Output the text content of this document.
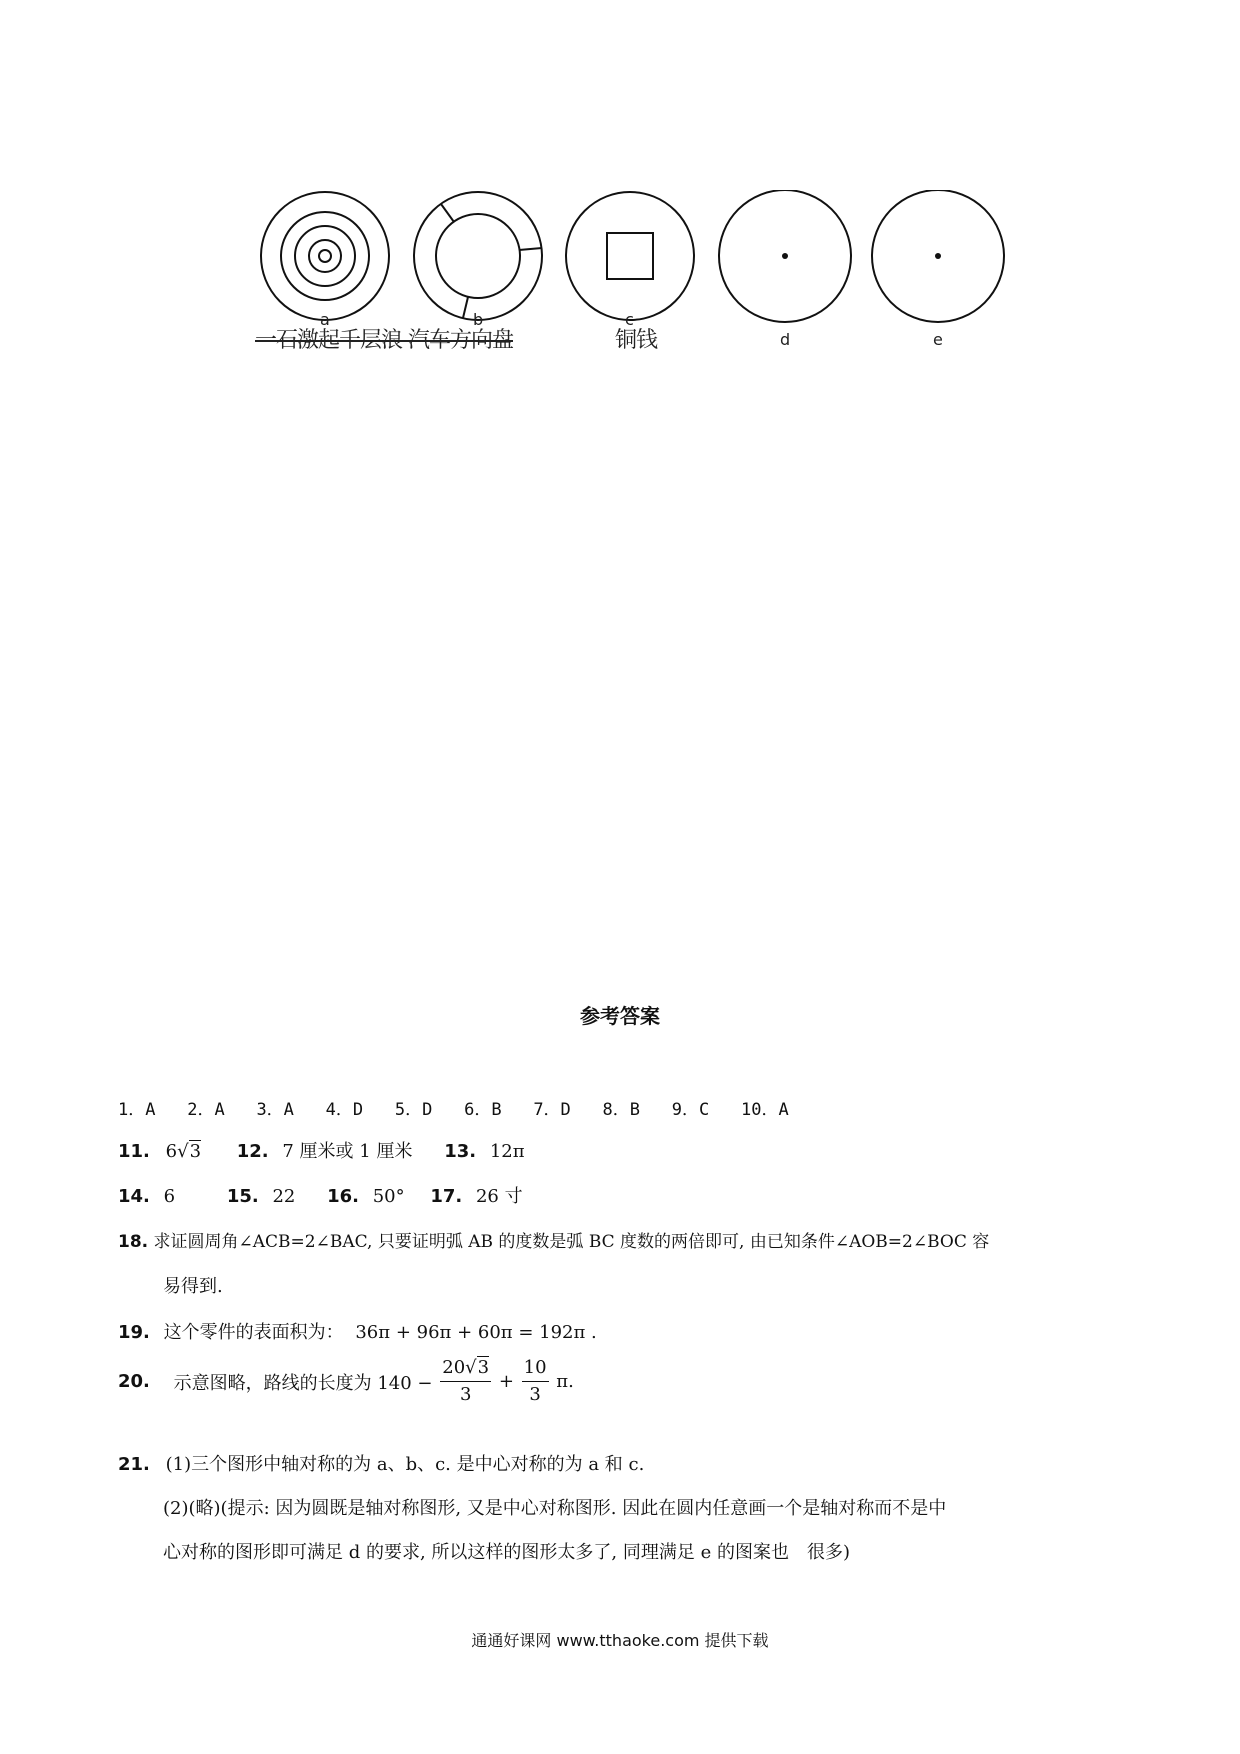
a	b	c
d	e
一石激起千层浪 汽车方向盘	铜钱
参考答案
1．A 2．A 3．A 4．D 5．D 6．B 7．D 8．B 9．C 10．A
11. 6√3 12. 7 厘米或 1 厘米 13. 12π
14. 6	15. 22 16. 50° 17. 26 寸
18. 求证圆周角∠ACB=2∠BAC, 只要证明弧 AB 的度数是弧 BC 度数的两倍即可, 由已知条件∠AOB=2∠BOC 容
易得到.
19. 这个零件的表面积为： 36π + 96π + 60π = 192π .
20. 示意图略，路线的长度为 $140 - \frac{20√3}{3} + \frac{10}{3} \pi$.
21. (1)三个图形中轴对称的为 a、b、c. 是中心对称的为 a 和 c.
(2)(略)(提示: 因为圆既是轴对称图形, 又是中心对称图形. 因此在圆内任意画一个是轴对称而不是中
心对称的图形即可满足 d 的要求, 所以这样的图形太多了, 同理满足 e 的图案也　很多)
通通好课网 www.tthaoke.com 提供下载
